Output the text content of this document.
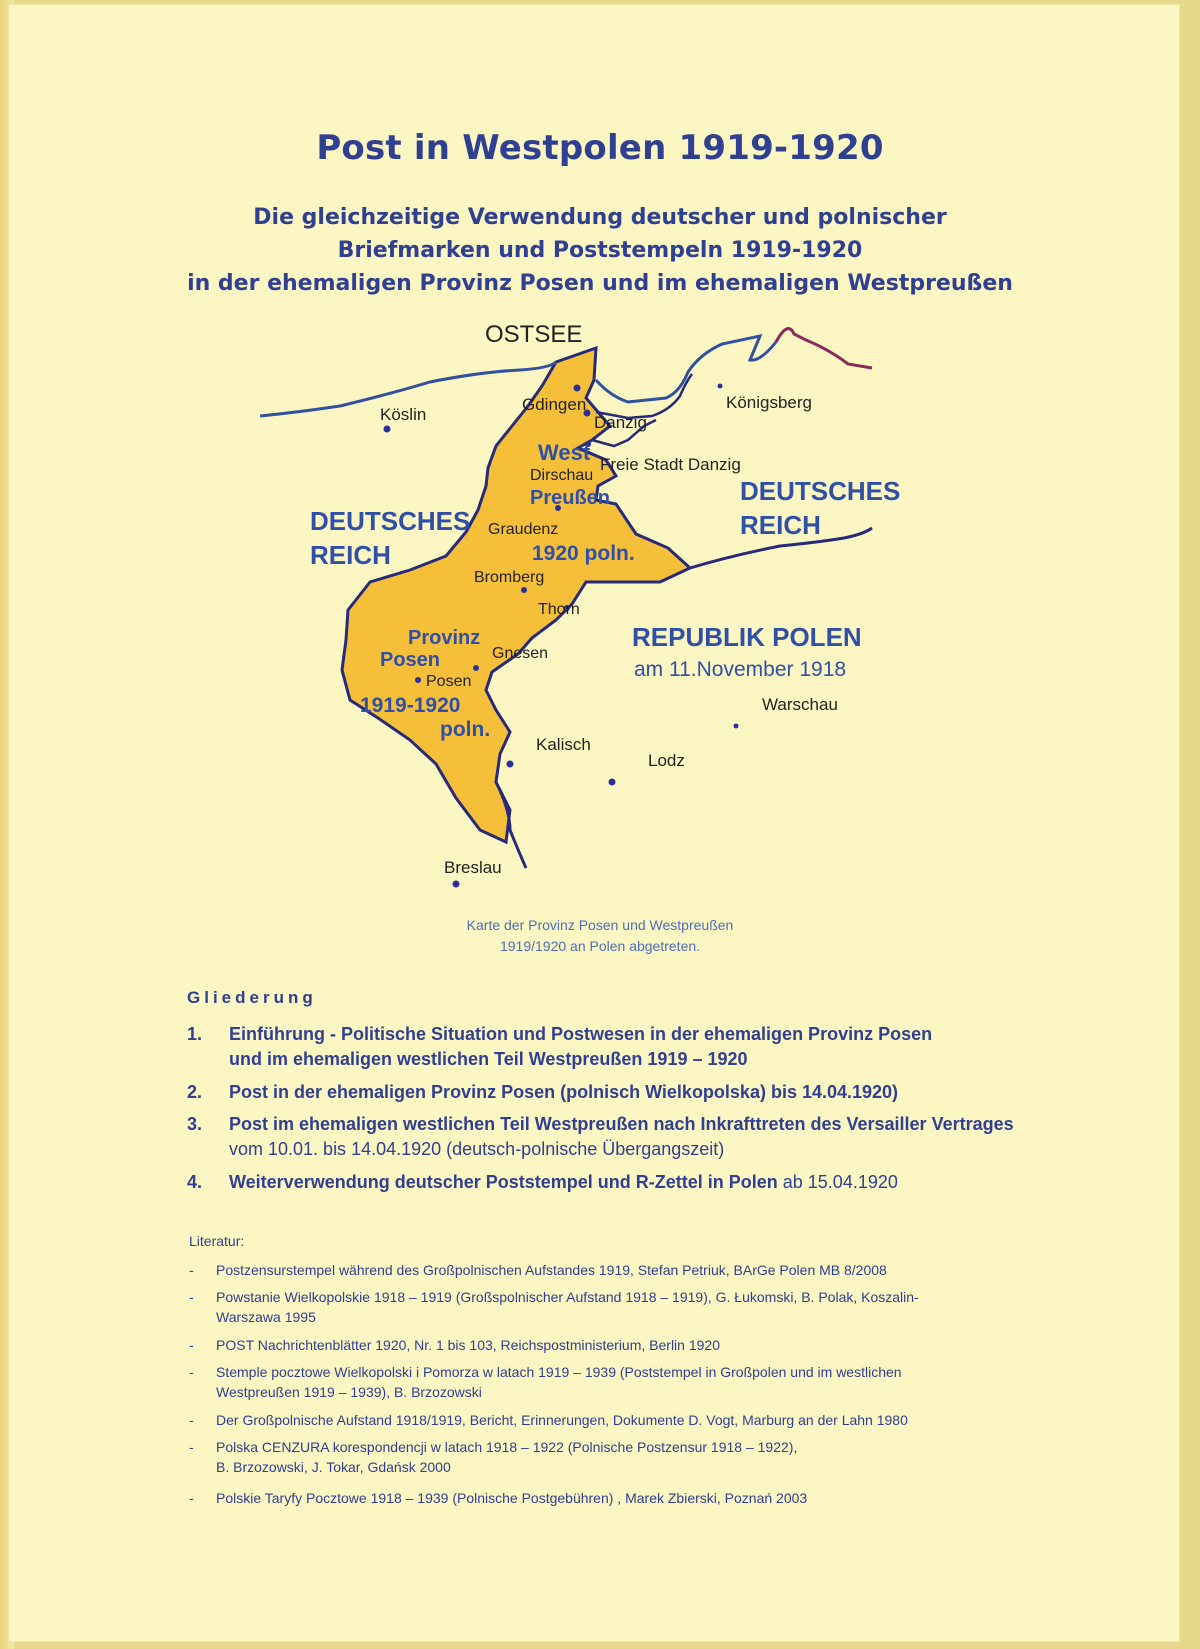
Post in Westpolen 1919-1920
Die gleichzeitige Verwendung deutscher und polnischer
Briefmarken und Poststempeln 1919-1920
in der ehemaligen Provinz Posen und im ehemaligen Westpreußen
OSTSEE
Köslin
Gdingen
Danzig
Königsberg
Freie Stadt Danzig
Dirschau
Graudenz
Bromberg
Thorn
Gnesen
Posen
Kalisch
Lodz
Warschau
Breslau
West
Preußen
1920 poln.
Provinz
Posen
1919-1920
poln.
DEUTSCHES
REICH
DEUTSCHES
REICH
REPUBLIK POLEN
am 11.November 1918
Karte der Provinz Posen und Westpreußen
1919/1920 an Polen abgetreten.
Gliederung
1. Einführung - Politische Situation und Postwesen in der ehemaligen Provinz Posen
und im ehemaligen westlichen Teil Westpreußen 1919 – 1920
2. Post in der ehemaligen Provinz Posen (polnisch Wielkopolska) bis 14.04.1920)
3. Post im ehemaligen westlichen Teil Westpreußen nach Inkrafttreten des Versailler Vertrages
vom 10.01. bis 14.04.1920 (deutsch-polnische Übergangszeit)
4. Weiterverwendung deutscher Poststempel und R-Zettel in Polen ab 15.04.1920
Literatur:
- Postzensurstempel während des Großpolnischen Aufstandes 1919, Stefan Petriuk, BArGe Polen MB 8/2008
- Powstanie Wielkopolskie 1918 – 1919 (Großspolnischer Aufstand 1918 – 1919), G. Łukomski, B. Polak, Koszalin-
Warszawa 1995
- POST Nachrichtenblätter 1920, Nr. 1 bis 103, Reichspostministerium, Berlin 1920
- Stemple pocztowe Wielkopolski i Pomorza w latach 1919 – 1939 (Poststempel in Großpolen und im westlichen
Westpreußen 1919 – 1939), B. Brzozowski
- Der Großpolnische Aufstand 1918/1919, Bericht, Erinnerungen, Dokumente D. Vogt, Marburg an der Lahn 1980
- Polska CENZURA korespondencji w latach 1918 – 1922 (Polnische Postzensur 1918 – 1922),
B. Brzozowski, J. Tokar, Gdańsk 2000
- Polskie Taryfy Pocztowe 1918 – 1939 (Polnische Postgebühren) , Marek Zbierski, Poznań 2003
